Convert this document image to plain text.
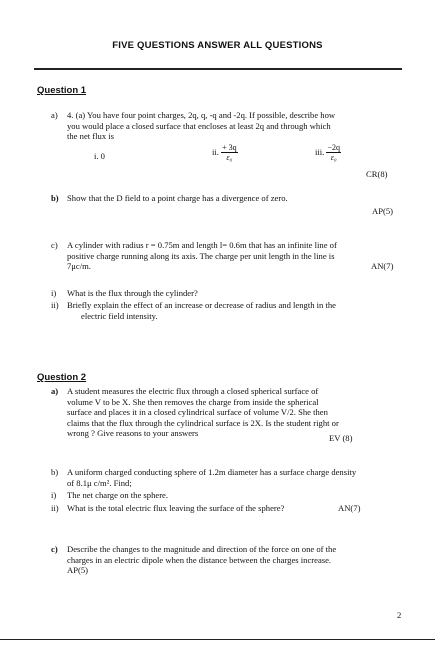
FIVE QUESTIONS ANSWER ALL QUESTIONS
Question 1
a) 4. (a) You have four point charges, 2q, q, -q and -2q. If possible, describe how
you would place a closed surface that encloses at least 2q and through which
the net flux is
i. 0	ii. $\frac{+ 3q}{\text{ε₀}}$	iii. $\frac{-2q}{\text{ε₀}}$
CR(8)
b) Show that the D field to a point charge has a divergence of zero.
AP(5)
c) A cylinder with radius r = 0.75m and length l= 0.6m that has an infinite line of
positive charge running along its axis. The charge per unit length in the line is
7μc/m.	AN(7)
i) What is the flux through the cylinder?
ii) Briefly explain the effect of an increase or decrease of radius and length in the
electric field intensity.
Question 2
a) A student measures the electric flux through a closed spherical surface of
volume V to be X. She then removes the charge from inside the spherical
surface and places it in a closed cylindrical surface of volume V/2. She then
claims that the flux through the cylindrical surface is 2X. Is the student right or
wrong ? Give reasons to your answers	EV (8)
b) A uniform charged conducting sphere of 1.2m diameter has a surface charge density
of 8.1μ c/m². Find;
i) The net charge on the sphere.
ii) What is the total electric flux leaving the surface of the sphere?	AN(7)
c) Describe the changes to the magnitude and direction of the force on one of the
charges in an electric dipole when the distance between the charges increase.
AP(5)
2
